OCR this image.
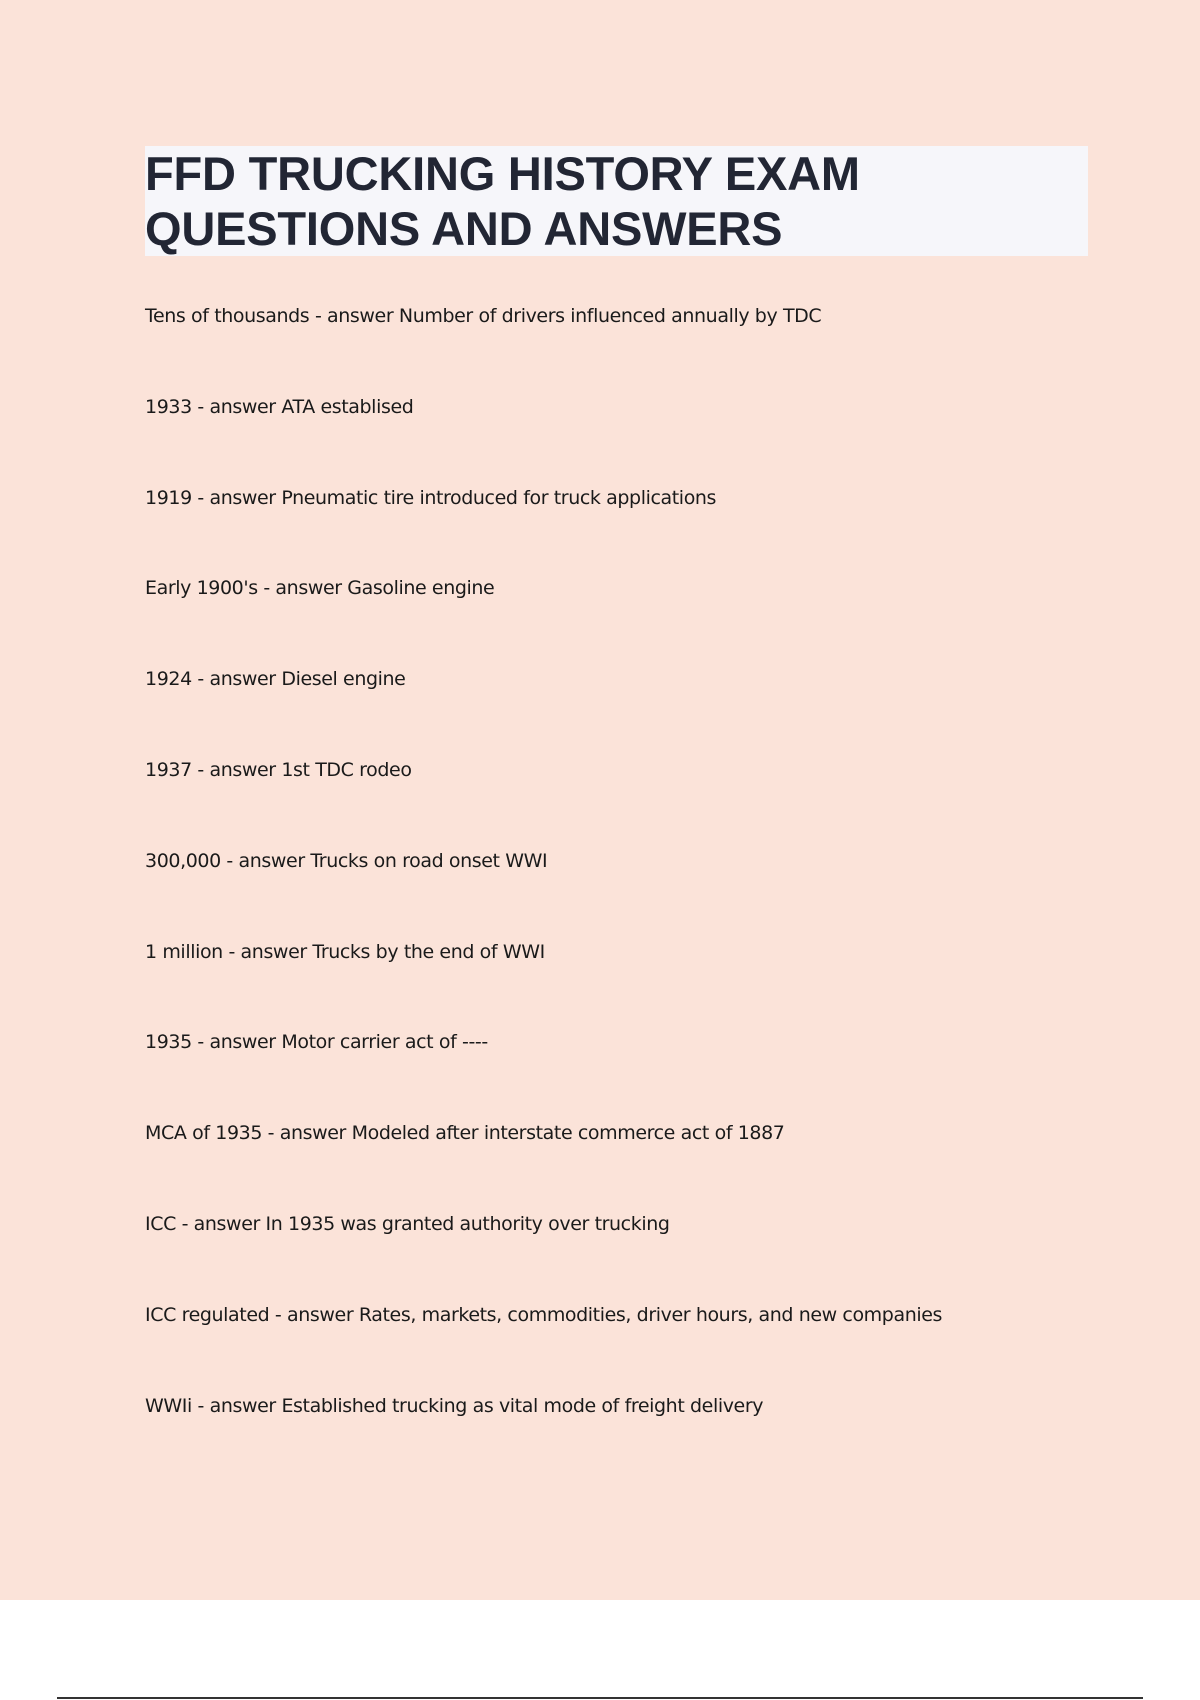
FFD TRUCKING HISTORY EXAM
QUESTIONS AND ANSWERS
Tens of thousands - answer Number of drivers influenced annually by TDC
1933 - answer ATA establised
1919 - answer Pneumatic tire introduced for truck applications
Early 1900's - answer Gasoline engine
1924 - answer Diesel engine
1937 - answer 1st TDC rodeo
300,000 - answer Trucks on road onset WWI
1 million - answer Trucks by the end of WWI
1935 - answer Motor carrier act of ----
MCA of 1935 - answer Modeled after interstate commerce act of 1887
ICC - answer In 1935 was granted authority over trucking
ICC regulated - answer Rates, markets, commodities, driver hours, and new companies
WWIi - answer Established trucking as vital mode of freight delivery
